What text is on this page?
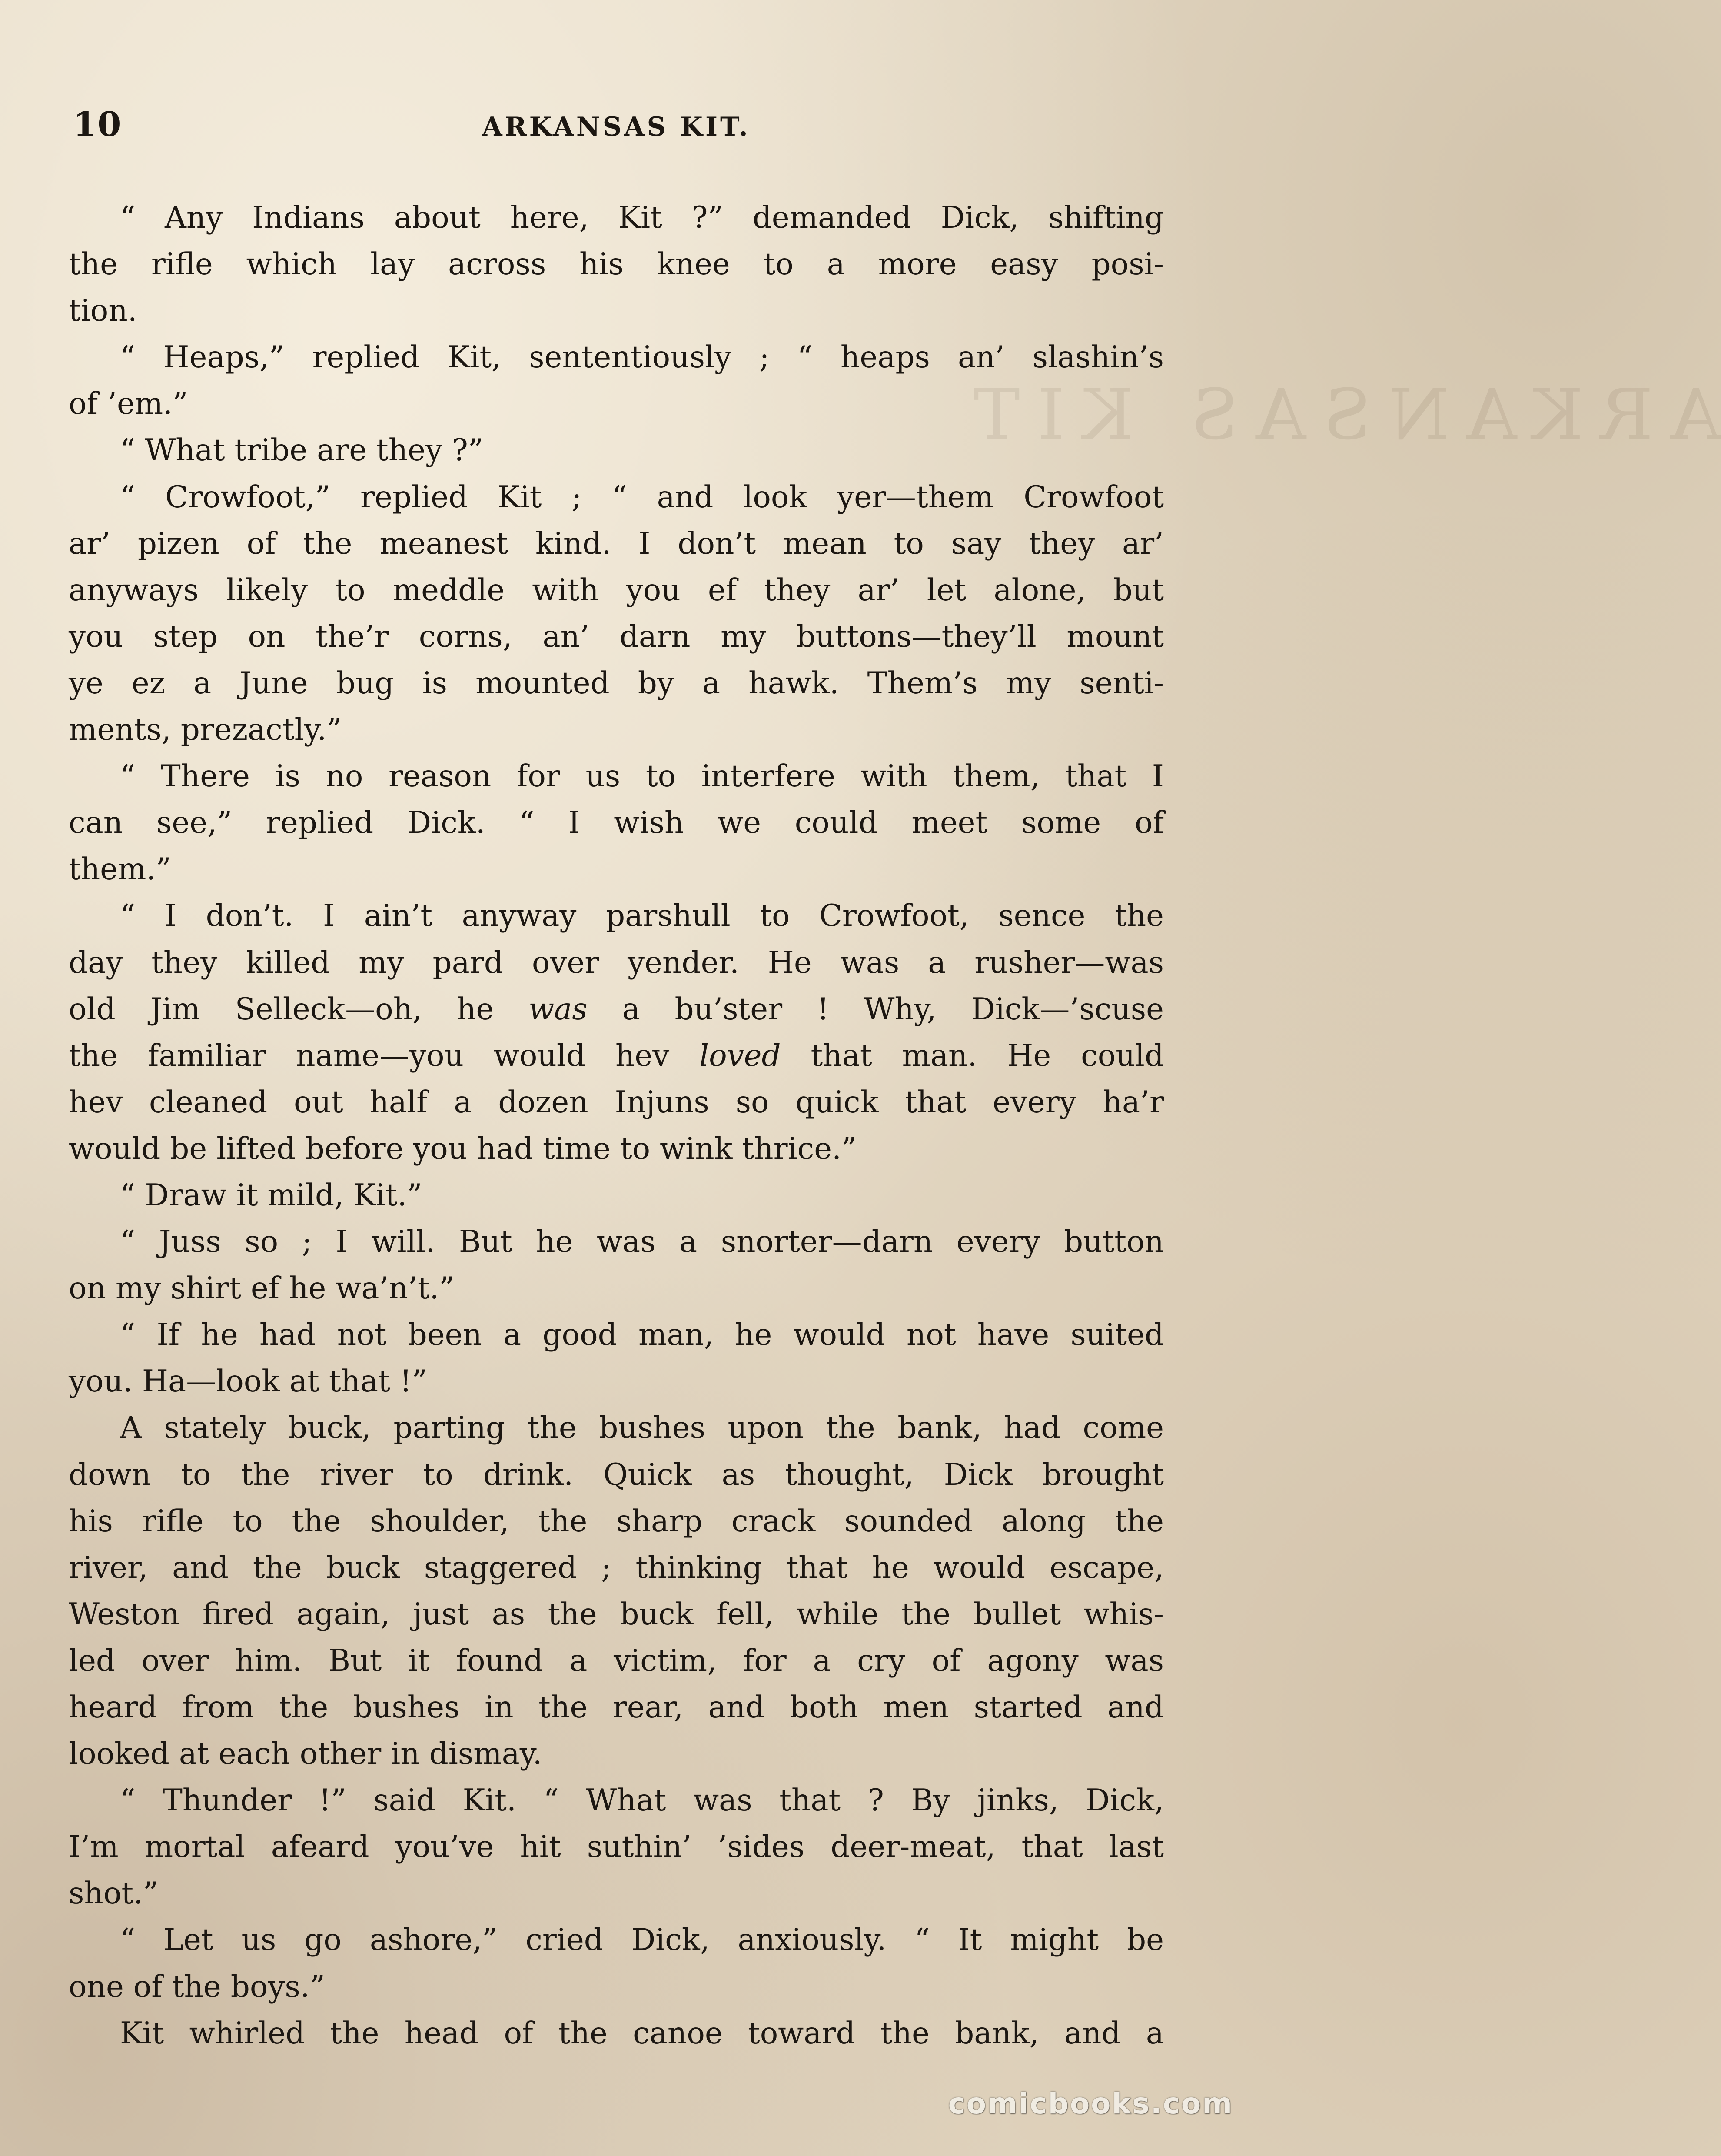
ARKANSAS KIT
10	ARKANSAS KIT.
“ Any Indians about here, Kit ?” demanded Dick, shifting
the rifle which lay across his knee to a more easy posi-
tion.
“ Heaps,” replied Kit, sententiously ; “ heaps an’ slashin’s
of ’em.”
“ What tribe are they ?”
“ Crowfoot,” replied Kit ; “ and look yer—them Crowfoot
ar’ pizen of the meanest kind. I don’t mean to say they ar’
anyways likely to meddle with you ef they ar’ let alone, but
you step on the’r corns, an’ darn my buttons—they’ll mount
ye ez a June bug is mounted by a hawk. Them’s my senti-
ments, prezactly.”
“ There is no reason for us to interfere with them, that I
can see,” replied Dick. “ I wish we could meet some of
them.”
“ I don’t. I ain’t anyway parshull to Crowfoot, sence the
day they killed my pard over yender. He was a rusher—was
old Jim Selleck—oh, he was a bu’ster ! Why, Dick—’scuse
the familiar name—you would hev loved that man. He could
hev cleaned out half a dozen Injuns so quick that every ha’r
would be lifted before you had time to wink thrice.”
“ Draw it mild, Kit.”
“ Juss so ; I will. But he was a snorter—darn every button
on my shirt ef he wa’n’t.”
“ If he had not been a good man, he would not have suited
you. Ha—look at that !”
A stately buck, parting the bushes upon the bank, had come
down to the river to drink. Quick as thought, Dick brought
his rifle to the shoulder, the sharp crack sounded along the
river, and the buck staggered ; thinking that he would escape,
Weston fired again, just as the buck fell, while the bullet whis-
led over him. But it found a victim, for a cry of agony was
heard from the bushes in the rear, and both men started and
looked at each other in dismay.
“ Thunder !” said Kit. “ What was that ? By jinks, Dick,
I’m mortal afeard you’ve hit suthin’ ’sides deer-meat, that last
shot.”
“ Let us go ashore,” cried Dick, anxiously. “ It might be
one of the boys.”
Kit whirled the head of the canoe toward the bank, and a
comicbooks.com
